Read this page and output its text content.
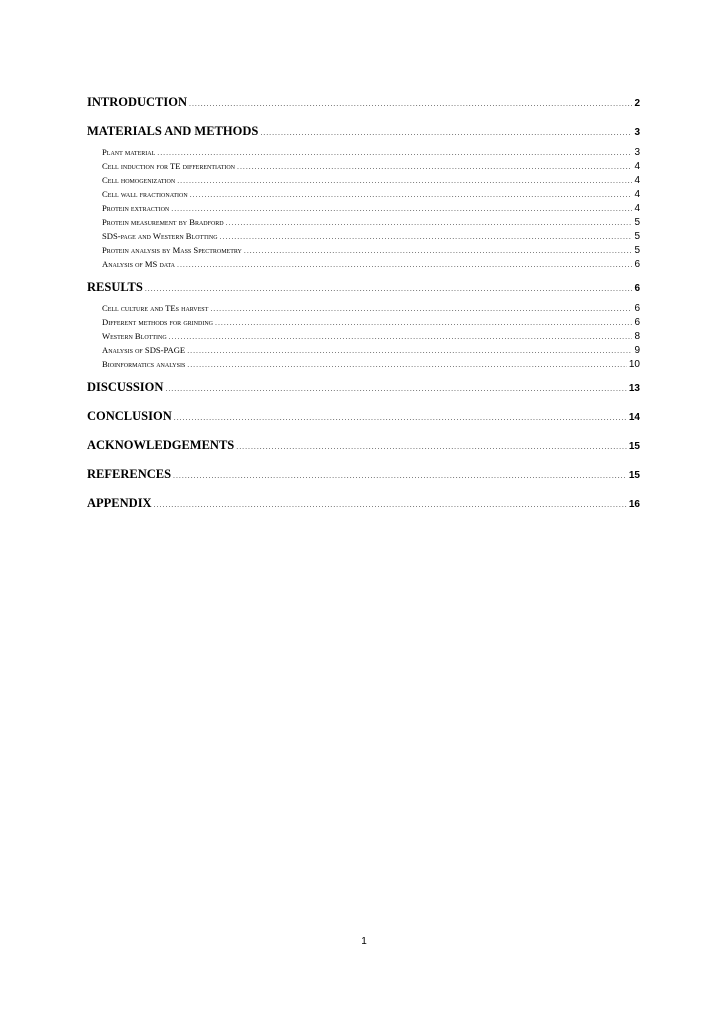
INTRODUCTION .....	2
MATERIALS AND METHODS .....	3
Plant material .....	3
Cell induction for TE differentiation .....	4
Cell homogenization .....	4
Cell wall fractionation .....	4
Protein extraction .....	4
Protein measurement by Bradford .....	5
SDS-page and Western Blotting .....	5
Protein analysis by Mass Spectrometry .....	5
Analysis of MS data .....	6
RESULTS .....	6
Cell culture and TEs harvest .....	6
Different methods for grinding .....	6
Western Blotting .....	8
Analysis of SDS-PAGE .....	9
Bioinformatics analysis .....	10
DISCUSSION .....	13
CONCLUSION .....	14
ACKNOWLEDGEMENTS .....	15
REFERENCES .....	15
APPENDIX .....	16
1
